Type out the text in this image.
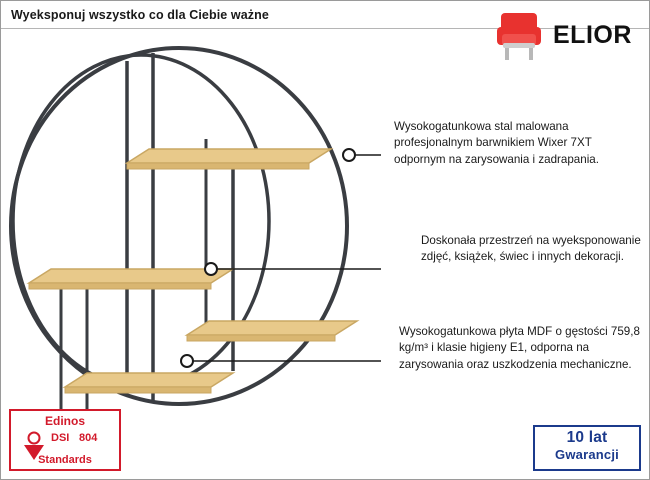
Wyeksponuj wszystko co dla Ciebie ważne
ELIOR
Wysokogatunkowa stal malowana profesjonalnym barwnikiem Wixer 7XT odpornym na zarysowania i zadrapania.
Doskonała przestrzeń na wyeksponowanie zdjęć, książek, świec i innych dekoracji.
Wysokogatunkowa płyta MDF o gęstości 759,8 kg/m³ i klasie higieny E1, odporna na zarysowania oraz uszkodzenia mechaniczne.
Edinos
DSI 804
Standards
10 lat
Gwarancji
